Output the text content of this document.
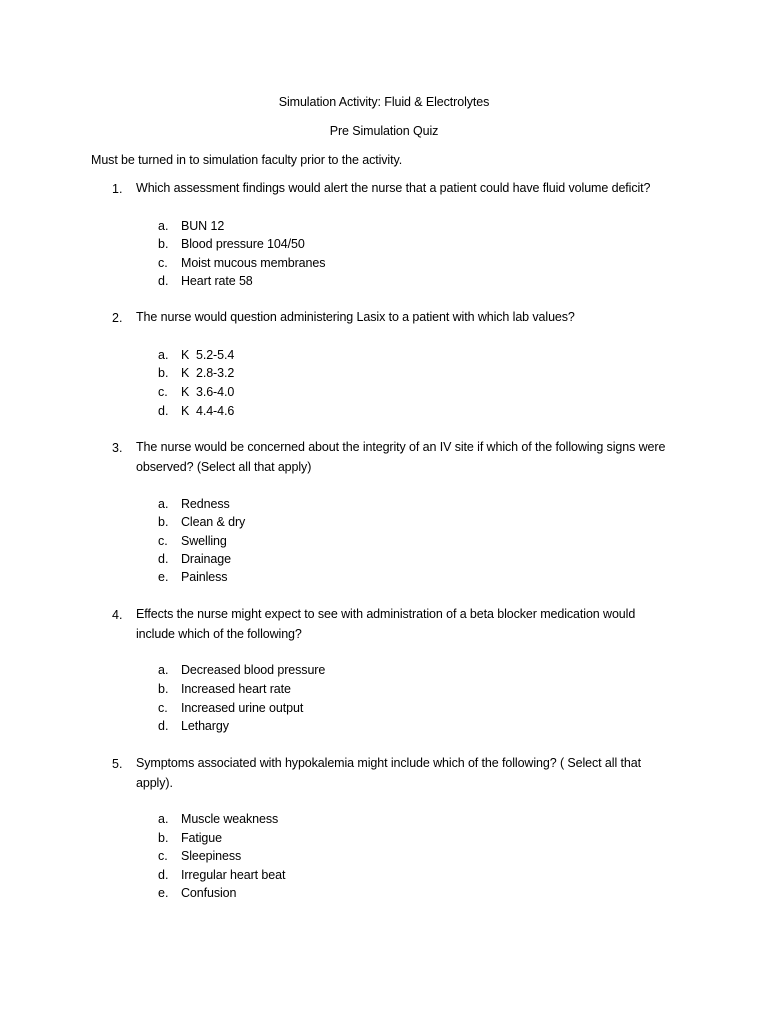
Simulation Activity: Fluid & Electrolytes
Pre Simulation Quiz
Must be turned in to simulation faculty prior to the activity.
1. Which assessment findings would alert the nurse that a patient could have fluid volume deficit?
a. BUN 12
b. Blood pressure 104/50
c. Moist mucous membranes
d. Heart rate 58
2. The nurse would question administering Lasix to a patient with which lab values?
a. K  5.2-5.4
b. K  2.8-3.2
c. K  3.6-4.0
d. K  4.4-4.6
3. The nurse would be concerned about the integrity of an IV site if which of the following signs were observed? (Select all that apply)
a. Redness
b. Clean & dry
c. Swelling
d. Drainage
e. Painless
4. Effects the nurse might expect to see with administration of a beta blocker medication would include which of the following?
a. Decreased blood pressure
b. Increased heart rate
c. Increased urine output
d. Lethargy
5. Symptoms associated with hypokalemia might include which of the following? ( Select all that apply).
a. Muscle weakness
b. Fatigue
c. Sleepiness
d. Irregular heart beat
e. Confusion
